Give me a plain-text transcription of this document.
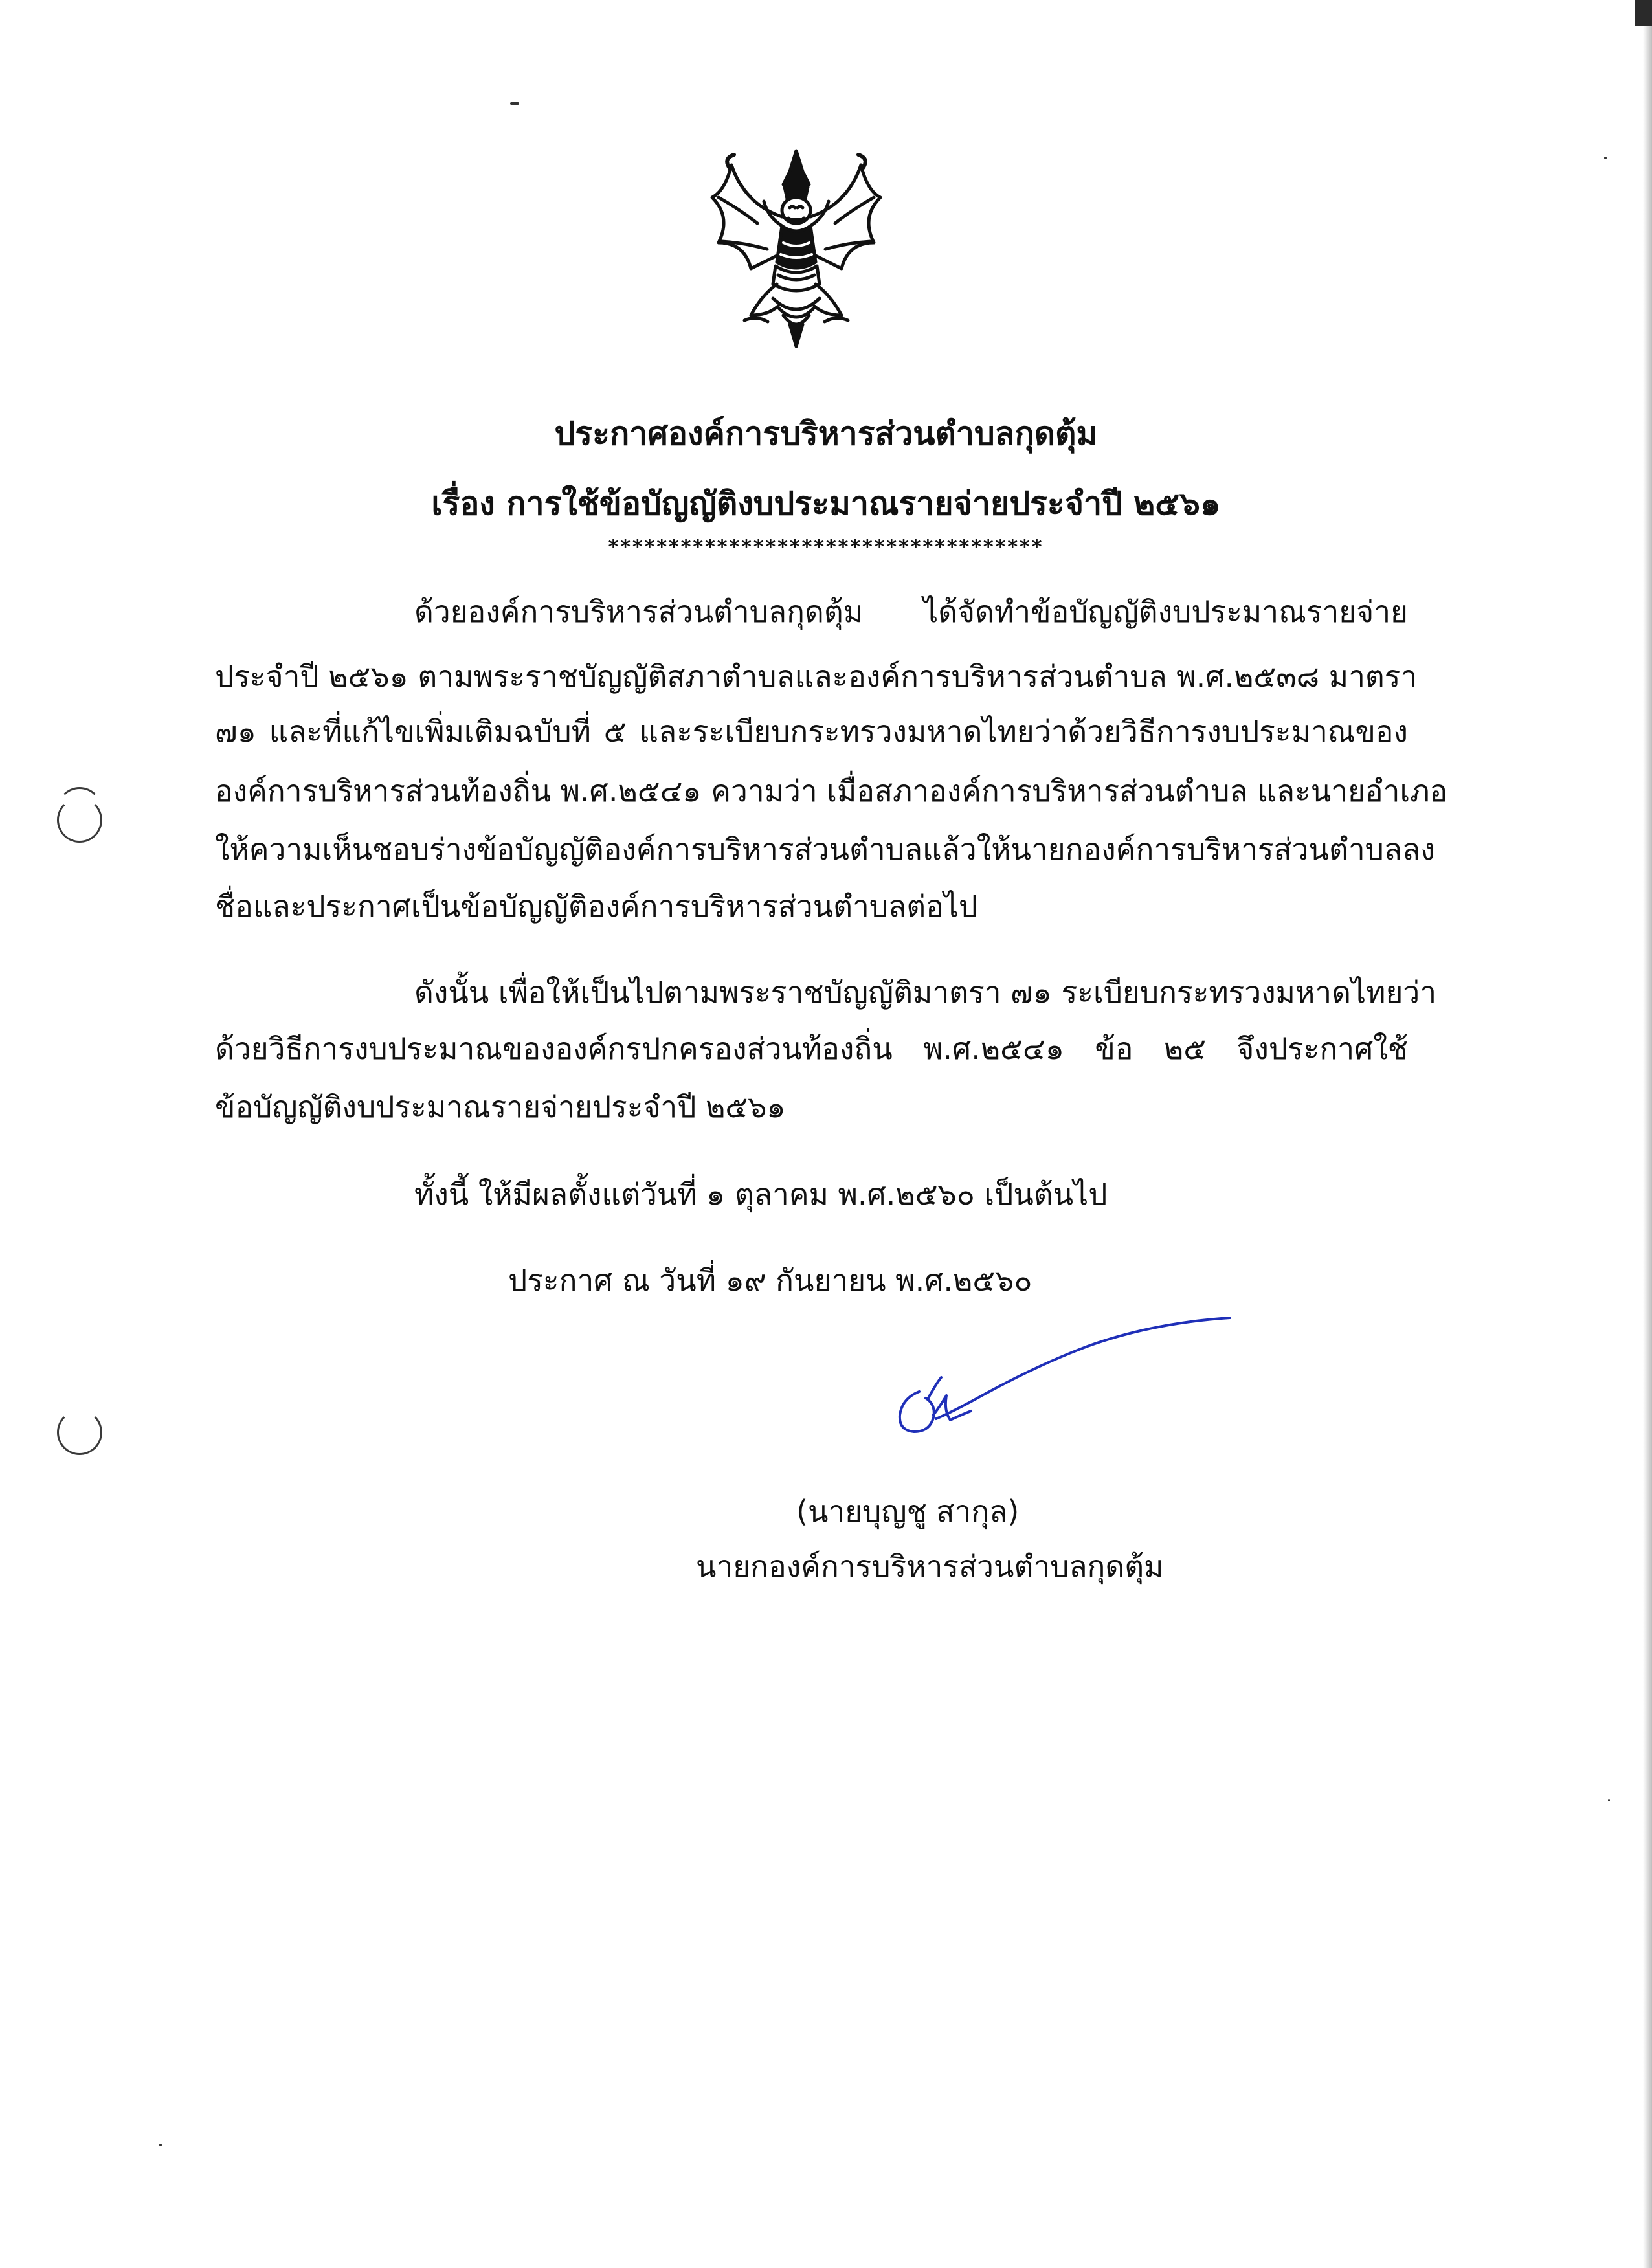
ประกาศองค์การบริหารส่วนตำบลกุดตุ้ม
เรื่อง การใช้ข้อบัญญัติงบประมาณรายจ่ายประจำปี ๒๕๖๑
************************************
ด้วยองค์การบริหารส่วนตำบลกุดตุ้ม ได้จัดทำข้อบัญญัติงบประมาณรายจ่าย
ประจำปี ๒๕๖๑ ตามพระราชบัญญัติสภาตำบลและองค์การบริหารส่วนตำบล พ.ศ.๒๕๓๘ มาตรา
๗๑ และที่แก้ไขเพิ่มเติมฉบับที่ ๕ และระเบียบกระทรวงมหาดไทยว่าด้วยวิธีการงบประมาณของ
องค์การบริหารส่วนท้องถิ่น พ.ศ.๒๕๔๑ ความว่า เมื่อสภาองค์การบริหารส่วนตำบล และนายอำเภอ
ให้ความเห็นชอบร่างข้อบัญญัติองค์การบริหารส่วนตำบลแล้วให้นายกองค์การบริหารส่วนตำบลลง
ชื่อและประกาศเป็นข้อบัญญัติองค์การบริหารส่วนตำบลต่อไป
ดังนั้น เพื่อให้เป็นไปตามพระราชบัญญัติมาตรา ๗๑ ระเบียบกระทรวงมหาดไทยว่า
ด้วยวิธีการงบประมาณขององค์กรปกครองส่วนท้องถิ่น พ.ศ.๒๕๔๑ ข้อ ๒๕ จึงประกาศใช้
ข้อบัญญัติงบประมาณรายจ่ายประจำปี ๒๕๖๑
ทั้งนี้ ให้มีผลตั้งแต่วันที่ ๑ ตุลาคม พ.ศ.๒๕๖๐ เป็นต้นไป
ประกาศ ณ วันที่ ๑๙ กันยายน พ.ศ.๒๕๖๐
(นายบุญชู สากุล)
นายกองค์การบริหารส่วนตำบลกุดตุ้ม
